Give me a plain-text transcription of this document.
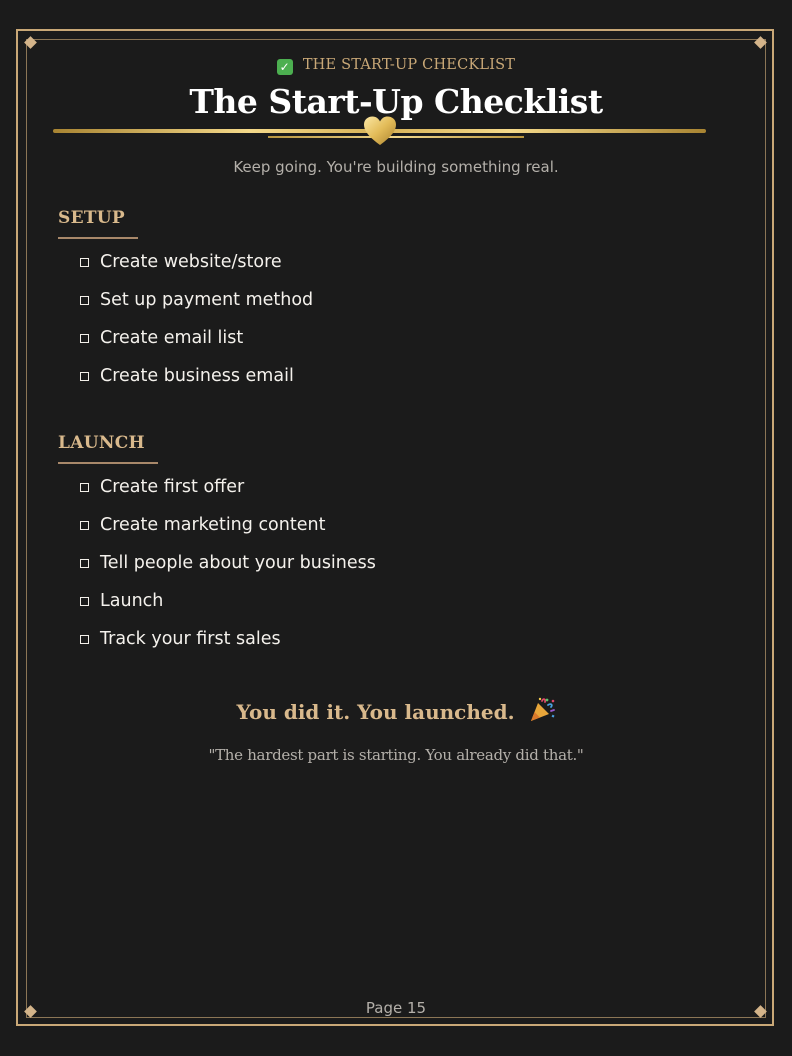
✓ THE START-UP CHECKLIST
The Start-Up Checklist
Keep going. You're building something real.
SETUP
Create website/store
Set up payment method
Create email list
Create business email
LAUNCH
Create first offer
Create marketing content
Tell people about your business
Launch
Track your first sales
You did it. You launched.
"The hardest part is starting. You already did that."
Page 15
